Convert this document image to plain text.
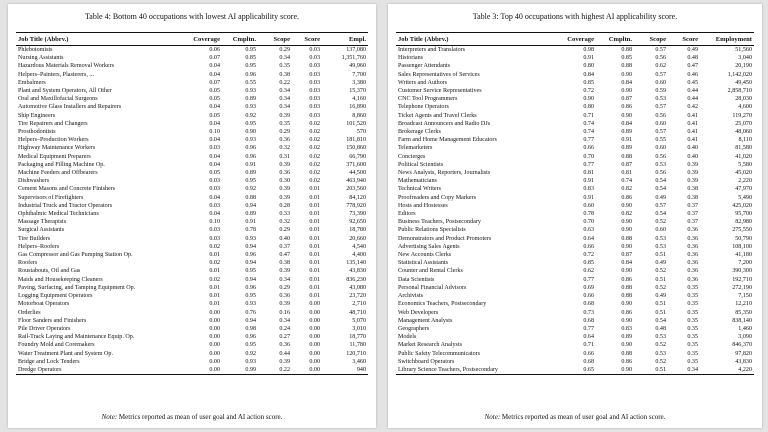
Table 4: Bottom 40 occupations with lowest AI applicability score.
Job Title (Abbrv.)	Coverage	Cmpltn.	Scope	Score	Empl.
Phlebotomists	0.06	0.95	0.29	0.03	137,080
Nursing Assistants	0.07	0.85	0.34	0.03	1,351,760
Hazardous Materials Removal Workers	0.04	0.95	0.35	0.03	49,960
Helpers–Painters, Plasterers, ...	0.04	0.96	0.38	0.03	7,700
Embalmers	0.07	0.55	0.22	0.03	3,380
Plant and System Operators, All Other	0.05	0.93	0.34	0.03	15,370
Oral and Maxillofacial Surgeons	0.05	0.89	0.34	0.03	4,160
Automotive Glass Installers and Repairers	0.04	0.93	0.34	0.03	16,890
Ship Engineers	0.05	0.92	0.39	0.03	8,860
Tire Repairers and Changers	0.04	0.95	0.35	0.02	101,520
Prosthodontists	0.10	0.90	0.29	0.02	570
Helpers–Production Workers	0.04	0.93	0.36	0.02	181,810
Highway Maintenance Workers	0.03	0.96	0.32	0.02	150,860
Medical Equipment Preparers	0.04	0.96	0.31	0.02	66,790
Packaging and Filling Machine Op.	0.04	0.91	0.39	0.02	371,600
Machine Feeders and Offbearers	0.05	0.89	0.36	0.02	44,500
Dishwashers	0.03	0.95	0.30	0.02	463,940
Cement Masons and Concrete Finishers	0.03	0.92	0.39	0.01	203,560
Supervisors of Firefighters	0.04	0.88	0.39	0.01	84,120
Industrial Truck and Tractor Operators	0.03	0.94	0.28	0.01	778,920
Ophthalmic Medical Technicians	0.04	0.89	0.33	0.01	73,390
Massage Therapists	0.10	0.91	0.32	0.01	92,650
Surgical Assistants	0.03	0.78	0.29	0.01	18,780
Tire Builders	0.03	0.93	0.40	0.01	20,660
Helpers–Roofers	0.02	0.94	0.37	0.01	4,540
Gas Compressor and Gas Pumping Station Op.	0.01	0.96	0.47	0.01	4,400
Roofers	0.02	0.94	0.38	0.01	135,140
Roustabouts, Oil and Gas	0.01	0.95	0.39	0.01	43,830
Maids and Housekeeping Cleaners	0.02	0.94	0.34	0.01	836,230
Paving, Surfacing, and Tamping Equipment Op.	0.01	0.96	0.29	0.01	43,080
Logging Equipment Operators	0.01	0.95	0.36	0.01	23,720
Motorboat Operators	0.01	0.93	0.39	0.00	2,710
Orderlies	0.00	0.76	0.16	0.00	48,710
Floor Sanders and Finishers	0.00	0.94	0.34	0.00	5,070
Pile Driver Operators	0.00	0.98	0.24	0.00	3,010
Rail-Track Laying and Maintenance Equip. Op.	0.00	0.96	0.27	0.00	18,770
Foundry Mold and Coremakers	0.00	0.95	0.36	0.00	11,780
Water Treatment Plant and System Op.	0.00	0.92	0.44	0.00	120,710
Bridge and Lock Tenders	0.00	0.93	0.39	0.00	3,460
Dredge Operators	0.00	0.99	0.22	0.00	940
Note: Metrics reported as mean of user goal and AI action score.
Table 3: Top 40 occupations with highest AI applicability score.
Job Title (Abbrv.)	Coverage	Cmpltn.	Scope	Score	Employment
Interpreters and Translators	0.98	0.88	0.57	0.49	51,560
Historians	0.91	0.85	0.56	0.48	3,040
Passenger Attendants	0.80	0.88	0.62	0.47	20,190
Sales Representatives of Services	0.84	0.90	0.57	0.46	1,142,020
Writers and Authors	0.85	0.84	0.60	0.45	49,450
Customer Service Representatives	0.72	0.90	0.59	0.44	2,858,710
CNC Tool Programmers	0.90	0.87	0.53	0.44	28,030
Telephone Operators	0.80	0.86	0.57	0.42	4,600
Ticket Agents and Travel Clerks	0.71	0.90	0.56	0.41	119,270
Broadcast Announcers and Radio DJs	0.74	0.84	0.60	0.41	25,070
Brokerage Clerks	0.74	0.89	0.57	0.41	48,060
Farm and Home Management Educators	0.77	0.91	0.55	0.41	8,110
Telemarketers	0.66	0.89	0.60	0.40	81,580
Concierges	0.70	0.88	0.56	0.40	41,020
Political Scientists	0.77	0.87	0.53	0.39	5,580
News Analysts, Reporters, Journalists	0.81	0.81	0.56	0.39	45,020
Mathematicians	0.91	0.74	0.54	0.39	2,220
Technical Writers	0.83	0.82	0.54	0.38	47,970
Proofreaders and Copy Markers	0.91	0.86	0.49	0.38	5,490
Hosts and Hostesses	0.60	0.90	0.57	0.37	425,020
Editors	0.78	0.82	0.54	0.37	95,700
Business Teachers, Postsecondary	0.70	0.90	0.52	0.37	82,980
Public Relations Specialists	0.63	0.90	0.60	0.36	275,550
Demonstrators and Product Promoters	0.64	0.88	0.53	0.36	50,790
Advertising Sales Agents	0.66	0.90	0.53	0.36	108,100
New Accounts Clerks	0.72	0.87	0.51	0.36	41,180
Statistical Assistants	0.85	0.84	0.49	0.36	7,200
Counter and Rental Clerks	0.62	0.90	0.52	0.36	390,300
Data Scientists	0.77	0.86	0.51	0.36	192,710
Personal Financial Advisors	0.69	0.88	0.52	0.35	272,190
Archivists	0.66	0.88	0.49	0.35	7,150
Economics Teachers, Postsecondary	0.68	0.90	0.51	0.35	12,210
Web Developers	0.73	0.86	0.51	0.35	85,350
Management Analysts	0.68	0.90	0.54	0.35	838,140
Geographers	0.77	0.83	0.48	0.35	1,460
Models	0.64	0.89	0.53	0.35	3,090
Market Research Analysts	0.71	0.90	0.52	0.35	846,370
Public Safety Telecommunicators	0.66	0.88	0.53	0.35	97,820
Switchboard Operators	0.68	0.86	0.52	0.35	43,830
Library Science Teachers, Postsecondary	0.65	0.90	0.51	0.34	4,220
Note: Metrics reported as mean of user goal and AI action score.
